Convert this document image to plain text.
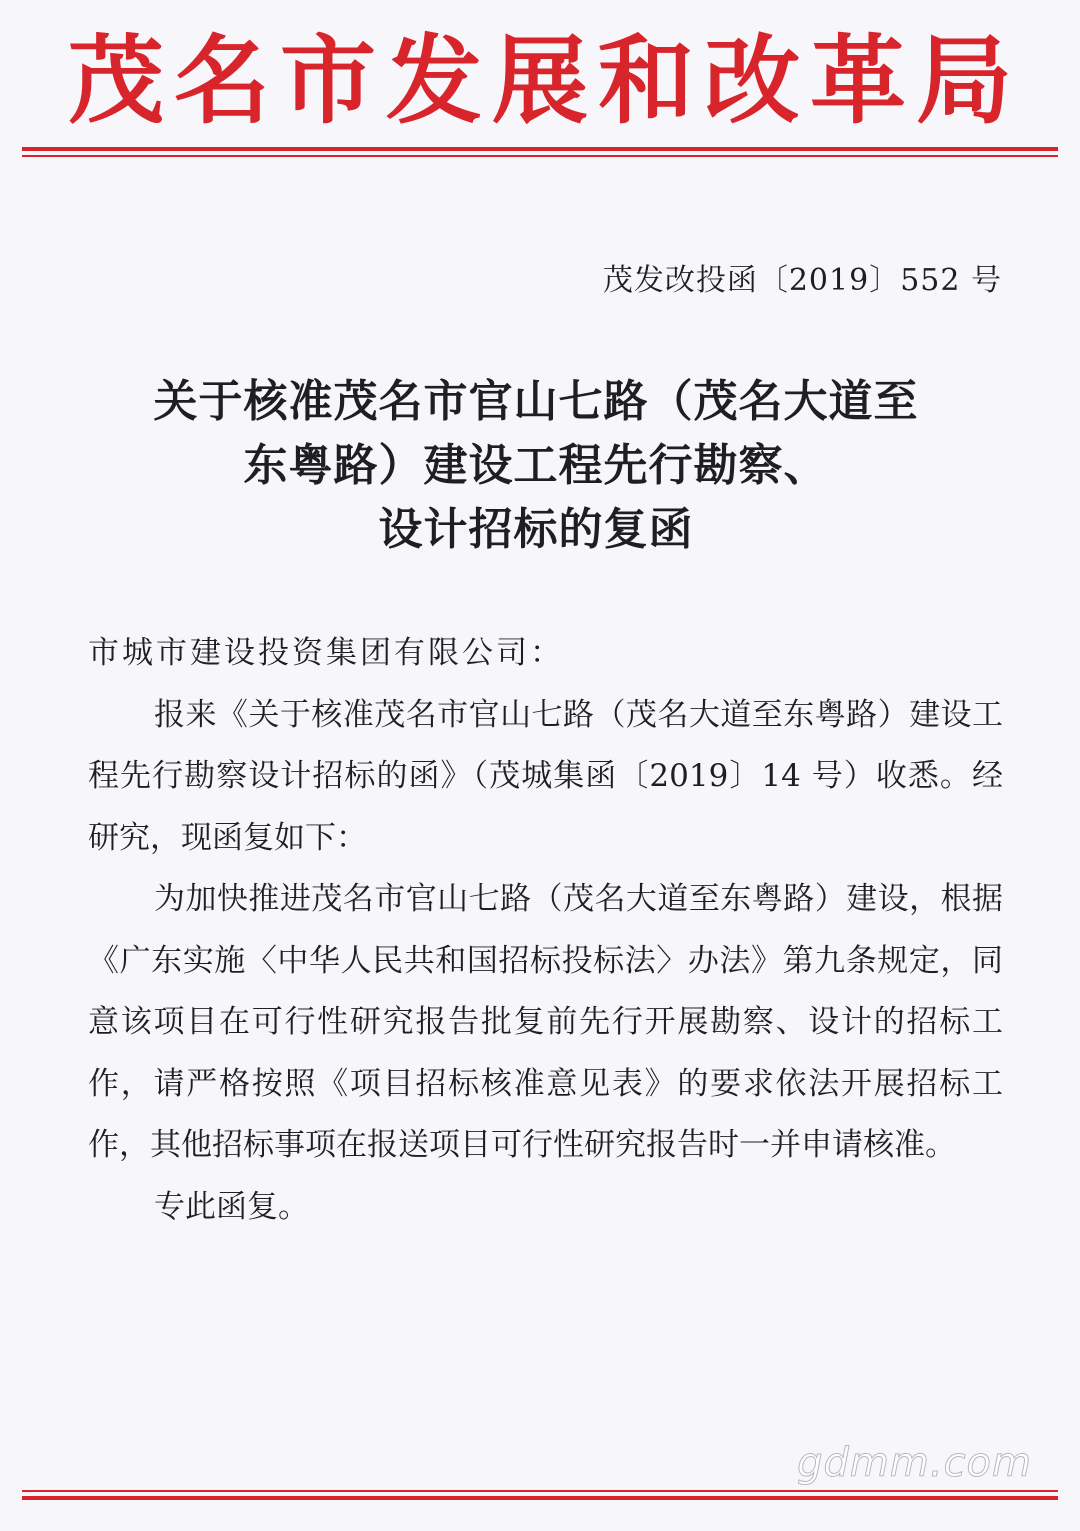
茂 名 市 发 展 和 改 革 局
茂发改投函〔2019〕552 号
关于核准茂名市官山七路（茂名大道至
东粤路）建设工程先行勘察、
设计招标的复函

市城市建设投资集团有限公司：

报来《关于核准茂名市官山七路（茂名大道至东粤路）建设工程先行勘察设计招标的函》（茂城集函〔2019〕14 号）收悉。经研究，现函复如下：

为加快推进茂名市官山七路（茂名大道至东粤路）建设，根据《广东实施〈中华人民共和国招标投标法〉办法》第九条规定，同意该项目在可行性研究报告批复前先行开展勘察、设计的招标工作，请严格按照《项目招标核准意见表》的要求依法开展招标工作，其他招标事项在报送项目可行性研究报告时一并申请核准。

专此函复。

gdmm.com
